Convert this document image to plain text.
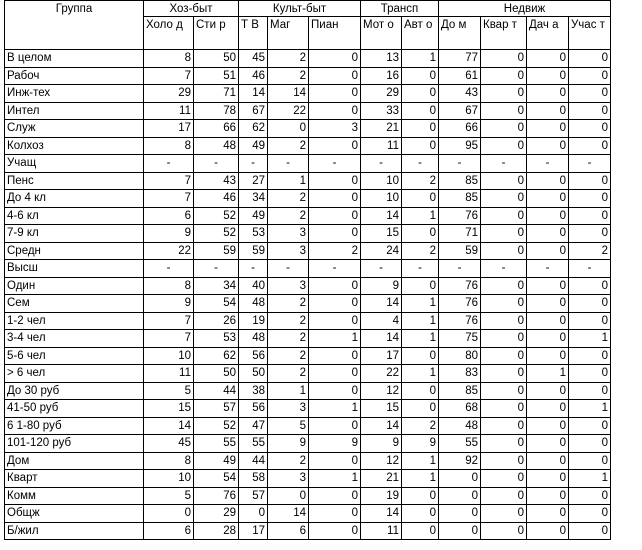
Группа	Хоз-быт		Культ-быт			Трансп		Недвиж			
	Холо д	Сти р	Т В	Маг	Пиан	Мот о	Авт о	До м	Квар т	Дач а	Учас т
В целом	8	50	45	2	0	13	1	77	0	0	0
Рабоч	7	51	46	2	0	16	0	61	0	0	0
Инж-тех	29	71	14	14	0	29	0	43	0	0	0
Интел	11	78	67	22	0	33	0	67	0	0	0
Служ	17	66	62	0	3	21	0	66	0	0	0
Колхоз	8	48	49	2	0	11	0	95	0	0	0
Учащ	-	-	-	-	-	-	-	-	-	-	-
Пенс	7	43	27	1	0	10	2	85	0	0	0
До 4 кл	7	46	34	2	0	10	0	85	0	0	0
4-6 кл	6	52	49	2	0	14	1	76	0	0	0
7-9 кл	9	52	53	3	0	15	0	71	0	0	0
Средн	22	59	59	3	2	24	2	59	0	0	2
Высш	-	-	-	-	-	-	-	-	-	-	-
Один	8	34	40	3	0	9	0	76	0	0	0
Сем	9	54	48	2	0	14	1	76	0	0	0
1-2 чел	7	26	19	2	0	4	1	76	0	0	0
3-4 чел	7	53	48	2	1	14	1	75	0	0	1
5-6 чел	10	62	56	2	0	17	0	80	0	0	0
> 6 чел	11	50	50	2	0	22	1	83	0	1	0
До 30 руб	5	44	38	1	0	12	0	85	0	0	0
41-50 руб	15	57	56	3	1	15	0	68	0	0	1
6 1-80 руб	14	52	47	5	0	14	2	48	0	0	0
101-120 руб	45	55	55	9	9	9	9	55	0	0	0
Дом	8	49	44	2	0	12	1	92	0	0	0
Кварт	10	54	58	3	1	21	1	0	0	0	1
Комм	5	76	57	0	0	19	0	0	0	0	0
Общж	0	29	0	14	0	14	0	0	0	0	0
Б/жил	6	28	17	6	0	11	0	0	0	0	0
